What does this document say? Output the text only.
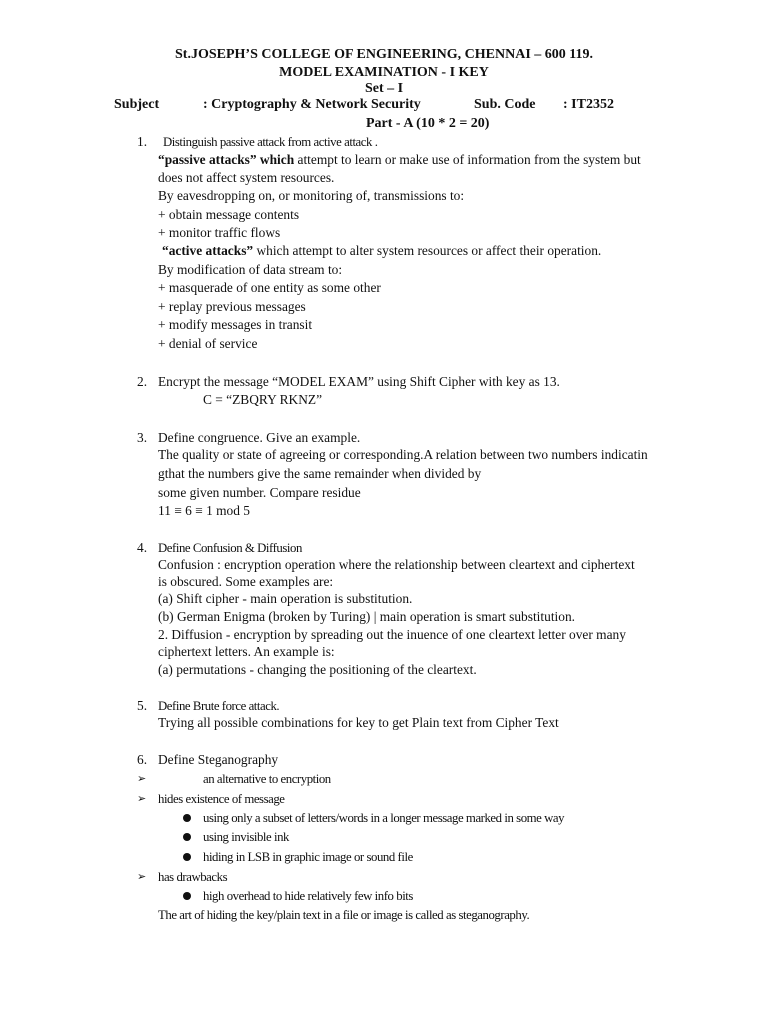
St.JOSEPH’S COLLEGE OF ENGINEERING, CHENNAI – 600 119.
MODEL EXAMINATION - I KEY
Set – I
Subject	: Cryptography & Network Security	Sub. Code : IT2352
Part - A (10 * 2 = 20)
1. Distinguish passive attack from active attack .
“passive attacks” which attempt to learn or make use of information from the system but
does not affect system resources.
By eavesdropping on, or monitoring of, transmissions to:
+ obtain message contents
+ monitor traffic flows
“active attacks” which attempt to alter system resources or affect their operation.
By modification of data stream to:
+ masquerade of one entity as some other
+ replay previous messages
+ modify messages in transit
+ denial of service
2. Encrypt the message “MODEL EXAM” using Shift Cipher with key as 13.
C = “ZBQRY RKNZ”
3. Define congruence. Give an example.
The quality or state of agreeing or corresponding.A relation between two numbers indicatin
gthat the numbers give the same remainder when divided by
some given number. Compare residue
11 ≡ 6 ≡ 1 mod 5
4. Define Confusion & Diffusion
Confusion : encryption operation where the relationship between cleartext and ciphertext
is obscured. Some examples are:
(a) Shift cipher - main operation is substitution.
(b) German Enigma (broken by Turing) | main operation is smart substitution.
2. Diffusion - encryption by spreading out the inuence of one cleartext letter over many
ciphertext letters. An example is:
(a) permutations - changing the positioning of the cleartext.
5. Define Brute force attack.
Trying all possible combinations for key to get Plain text from Cipher Text
6. Define Steganography
➢	an alternative to encryption
➢ hides existence of message
using only a subset of letters/words in a longer message marked in some way
using invisible ink
hiding in LSB in graphic image or sound file
➢ has drawbacks
high overhead to hide relatively few info bits
The art of hiding the key/plain text in a file or image is called as steganography.
